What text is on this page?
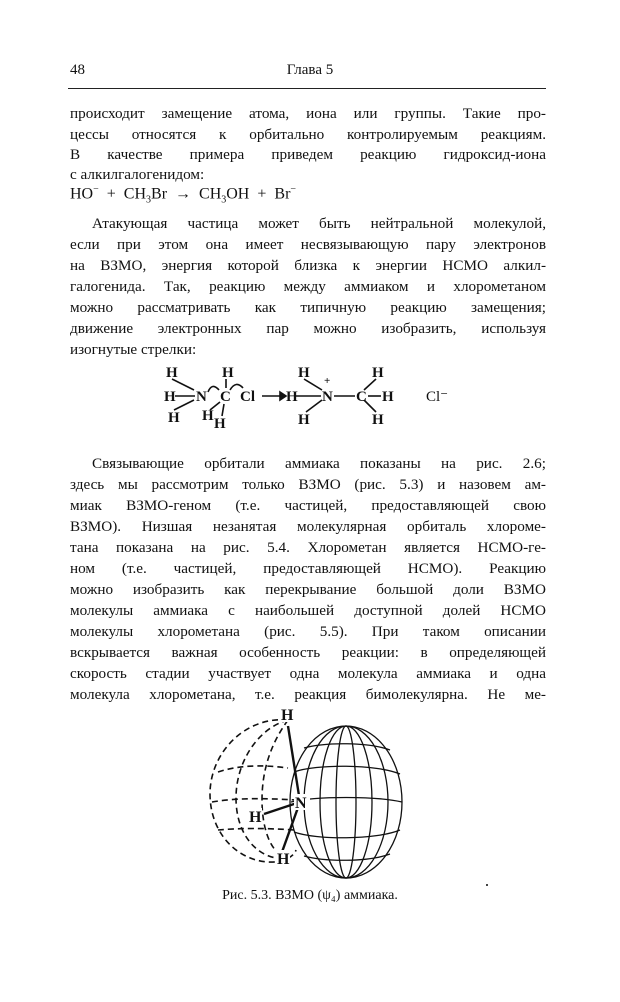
48	Глава 5
происходит замещение атома, иона или группы. Такие про-
цессы относятся к орбитально контролируемым реакциям.
В качестве примера приведем реакцию гидроксид-иона
с алкилгалогенидом:
$HO^- + CH_3Br \to CH_3OH + Br^-$
Атакующая частица может быть нейтральной молекулой,
если при этом она имеет несвязывающую пару электронов
на ВЗМО, энергия которой близка к энергии НСМО алкил-
галогенида. Так, реакцию между аммиаком и хлорометаном
можно рассматривать как типичную реакцию замещения;
движение электронных пар можно изобразить, используя
изогнутые стрелки:
H	H
H N C Cl
H H H
H	H
H N C H
H	H
+
Cl⁻
Связывающие орбитали аммиака показаны на рис. 2.6;
здесь мы рассмотрим только ВЗМО (рис. 5.3) и назовем ам-
миак ВЗМО-геном (т.е. частицей, предоставляющей свою
ВЗМО). Низшая незанятая молекулярная орбиталь хлороме-
тана показана на рис. 5.4. Хлорометан является НСМО-ге-
ном (т.е. частицей, предоставляющей НСМО). Реакцию
можно изобразить как перекрывание большой доли ВЗМО
молекулы аммиака с наибольшей доступной долей НСМО
молекулы хлорометана (рис. 5.5). При таком описании
вскрывается важная особенность реакции: в определяющей
скорость стадии участвует одна молекула аммиака и одна
молекула хлорометана, т.е. реакция бимолекулярна. Не ме-
H
N
H
H
Рис. 5.3. ВЗМО (ψ₄) аммиака.
